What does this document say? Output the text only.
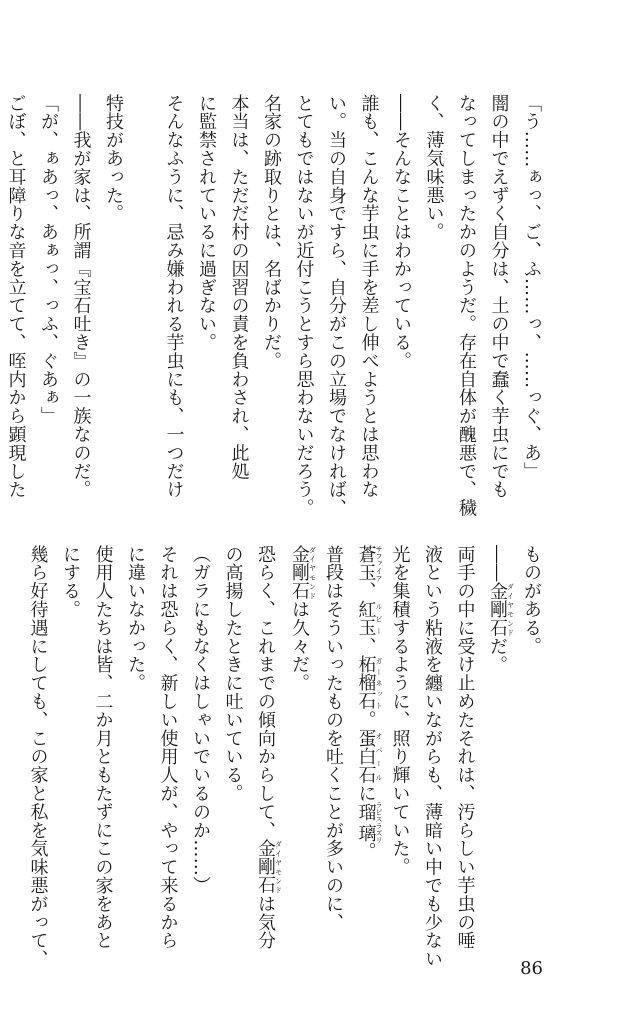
「う……ぁっ、ご、ふ……っ、……っぐ、あ」
闇の中でえずく自分は、土の中で蠢く芋虫にでも
なってしまったかのようだ。存在自体が醜悪で、穢
く、薄気味悪い。
――そんなことはわかっている。
誰も、こんな芋虫に手を差し伸べようとは思わな
い。当の自身ですら、自分がこの立場でなければ、
とてもではないが近付こうとすら思わないだろう。
名家の跡取りとは、名ばかりだ。
本当は、ただだ村の因習の責を負わされ、此処
に監禁されているに過ぎない。
そんなふうに、忌み嫌われる芋虫にも、一つだけ
特技があった。
――我が家は、所謂『宝石吐き』の一族なのだ。
「が、ぁあっ、あぁっ、っふ、ぐあぁ」
ごぼ、と耳障りな音を立てて、咥内から顕現した
ものがある。
――金剛石ダイヤモンドだ。
両手の中に受け止めたそれは、汚らしい芋虫の唾
液という粘液を纏いながらも、薄暗い中でも少ない
光を集積するように、照り輝いていた。
蒼玉サファイア、紅玉ルビー、柘榴石ガーネット。蛋白石オパールに瑠璃ラピスラズリ。
普段はそういったものを吐くことが多いのに、
金剛石ダイヤモンドは久々だ。
恐らく、これまでの傾向からして、金剛石ダイヤモンドは気分
の高揚したときに吐いている。
（ガラにもなくはしゃいでいるのか……）
それは恐らく、新しい使用人が、やって来るから
に違いなかった。
使用人たちは皆、二か月ともたずにこの家をあと
にする。
幾ら好待遇にしても、この家と私を気味悪がって、
86
